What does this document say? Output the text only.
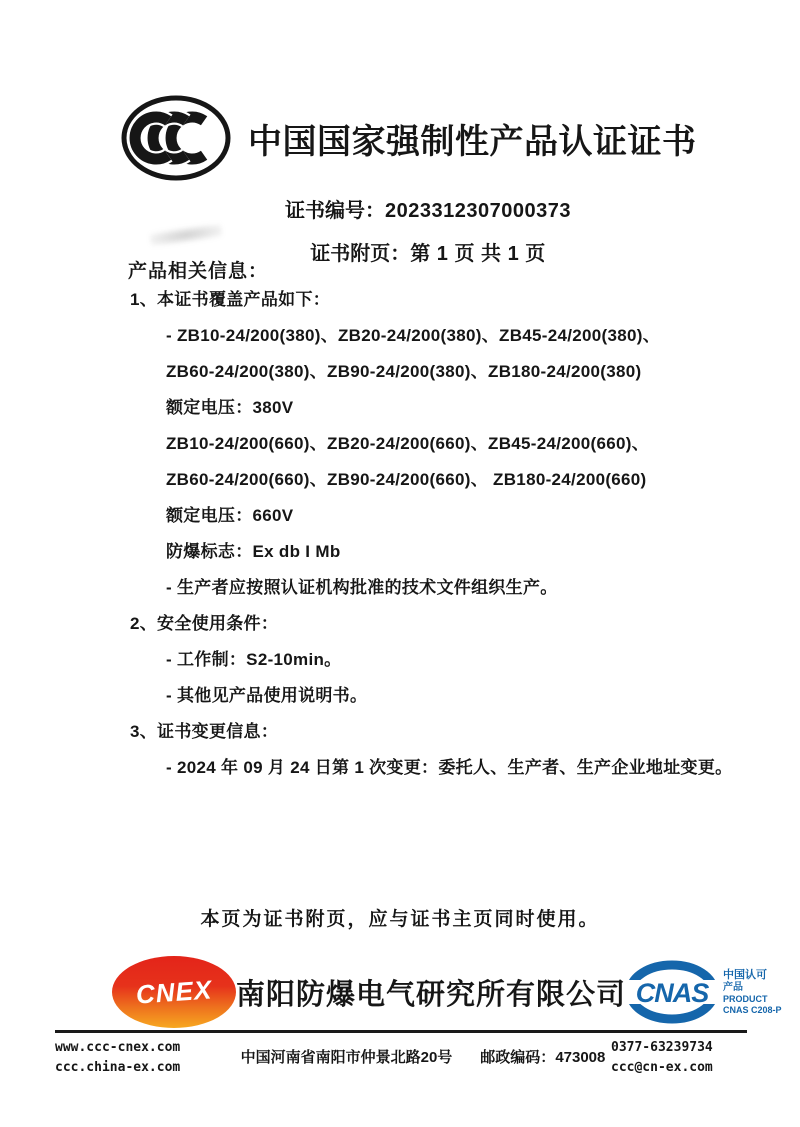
中国国家强制性产品认证证书
证书编号：2023312307000373
证书附页：第 1 页 共 1 页
产品相关信息：
1、本证书覆盖产品如下：
- ZB10-24/200(380)、ZB20-24/200(380)、ZB45-24/200(380)、
ZB60-24/200(380)、ZB90-24/200(380)、ZB180-24/200(380)
额定电压：380V
ZB10-24/200(660)、ZB20-24/200(660)、ZB45-24/200(660)、
ZB60-24/200(660)、ZB90-24/200(660)、 ZB180-24/200(660)
额定电压：660V
防爆标志：Ex db I Mb
- 生产者应按照认证机构批准的技术文件组织生产。
2、安全使用条件：
- 工作制：S2-10min。
- 其他见产品使用说明书。
3、证书变更信息：
- 2024 年 09 月 24 日第 1 次变更：委托人、生产者、生产企业地址变更。
本页为证书附页，应与证书主页同时使用。
CNEX 南阳防爆电气研究所有限公司 CNAS
中国认可
产品
PRODUCT
CNAS C208-P
www.ccc-cnex.com
ccc.china-ex.com
中国河南省南阳市仲景北路20号 邮政编码：473008
0377-63239734
ccc@cn-ex.com
